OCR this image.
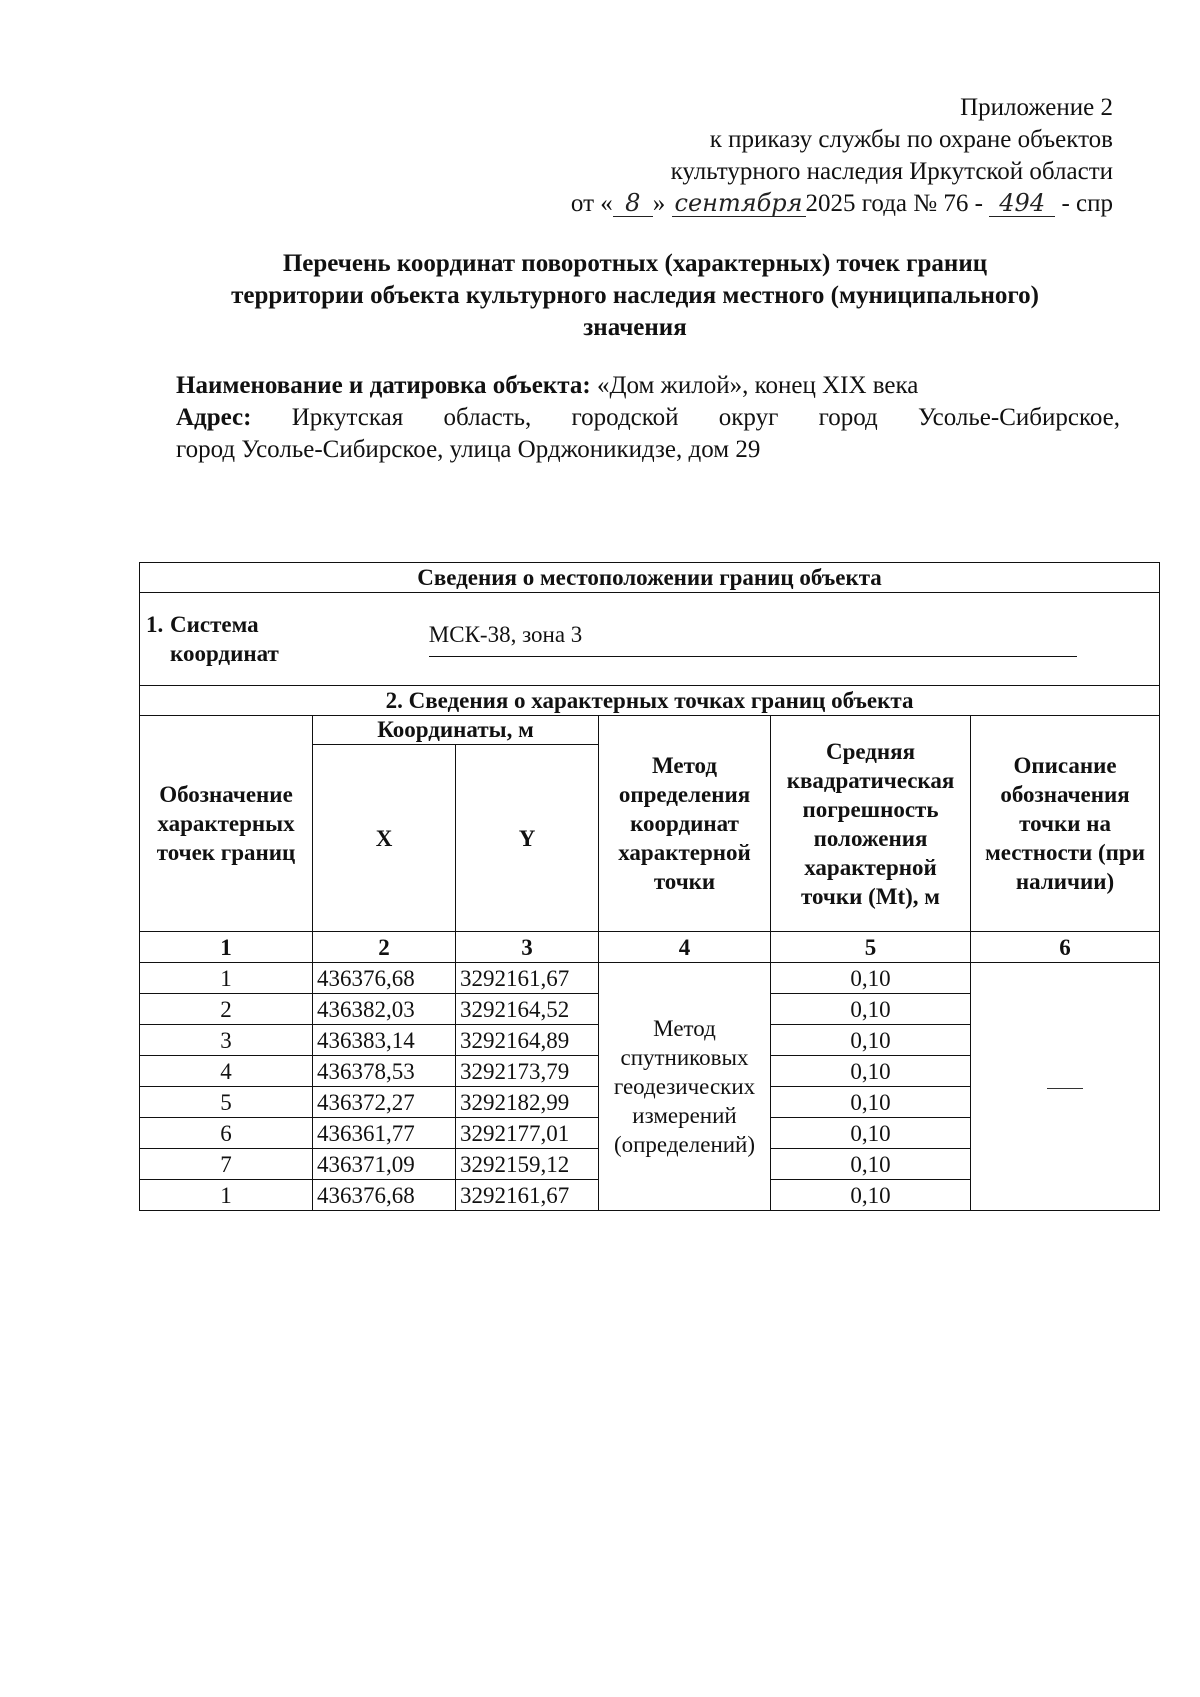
Приложение 2
к приказу службы по охране объектов
культурного наследия Иркутской области
от « 8 » сентября 2025 года № 76 - 494 - спр
Перечень координат поворотных (характерных) точек границ
территории объекта культурного наследия местного (муниципального)
значения
Наименование и датировка объекта: «Дом жилой», конец XIX века
Адрес: Иркутская область, городской округ город Усолье-Сибирское,
город Усолье-Сибирское, улица Орджоникидзе, дом 29
Сведения о местоположении границ объекта					

1. Система
координат
МСК-38, зона 3					

2. Сведения о характерных точках границ объекта					
Обозначение характерных точек границ	Координаты, м		Метод определения координат характерной точки	Средняя квадратическая погрешность положения характерной точки (Mt), м	Описание обозначения точки на местности (при наличии)
	X	Y			
1	2	3	4	5	6
1	436376,68	3292161,67	Метод спутниковых геодезических измерений (определений)	0,10	
2	436382,03	3292164,52		0,10	
3	436383,14	3292164,89		0,10	
4	436378,53	3292173,79		0,10	
5	436372,27	3292182,99		0,10	
6	436361,77	3292177,01		0,10	
7	436371,09	3292159,12		0,10	
1	436376,68	3292161,67		0,10	
